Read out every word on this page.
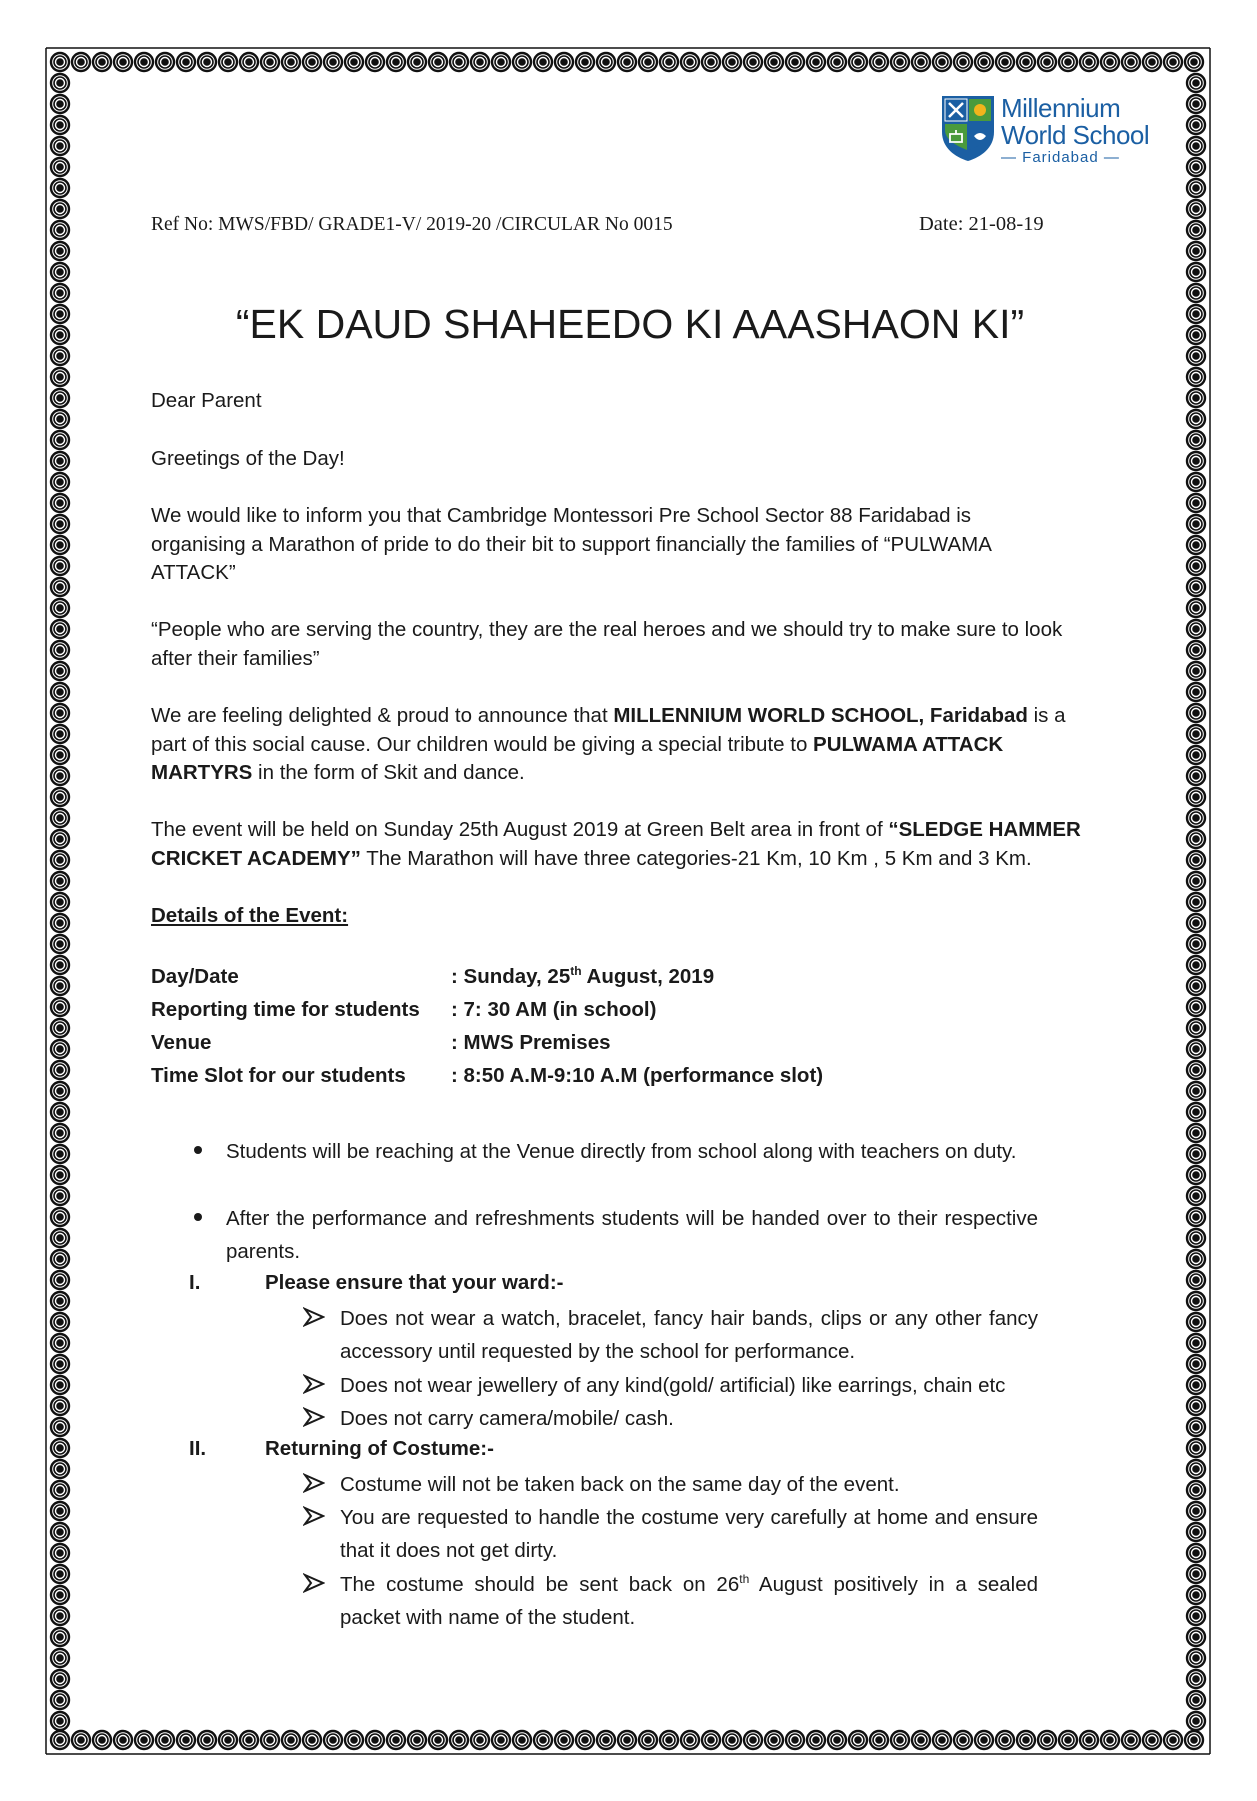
Millennium
World School
— Faridabad —
Ref No: MWS/FBD/ GRADE1-V/ 2019-20 /CIRCULAR No 0015	Date: 21-08-19
“EK DAUD SHAHEEDO KI AAASHAON KI”
Dear Parent
Greetings of the Day!
We would like to inform you that Cambridge Montessori Pre School Sector 88 Faridabad is organising a Marathon of pride to do their bit to support financially the families of “PULWAMA ATTACK”
“People who are serving the country, they are the real heroes and we should try to make sure to look after their families”
We are feeling delighted & proud to announce that MILLENNIUM WORLD SCHOOL, Faridabad is a part of this social cause. Our children would be giving a special tribute to PULWAMA ATTACK MARTYRS in the form of Skit and dance.
The event will be held on Sunday 25th August 2019 at Green Belt area in front of “SLEDGE HAMMER CRICKET ACADEMY” The Marathon will have three categories-21 Km, 10 Km , 5 Km and 3 Km.
Details of the Event:
Day/Date	: Sunday, 25th August, 2019
Reporting time for students : 7: 30 AM (in school)
Venue	: MWS Premises
Time Slot for our students : 8:50 A.M-9:10 A.M (performance slot)
Students will be reaching at the Venue directly from school along with teachers on duty.
After the performance and refreshments students will be handed over to their respective parents.
I.	Please ensure that your ward:-
Does not wear a watch, bracelet, fancy hair bands, clips or any other fancy accessory until requested by the school for performance.
Does not wear jewellery of any kind(gold/ artificial) like earrings, chain etc
Does not carry camera/mobile/ cash.
II.	Returning of Costume:-
Costume will not be taken back on the same day of the event.
You are requested to handle the costume very carefully at home and ensure that it does not get dirty.
The costume should be sent back on 26th August positively in a sealed packet with name of the student.
